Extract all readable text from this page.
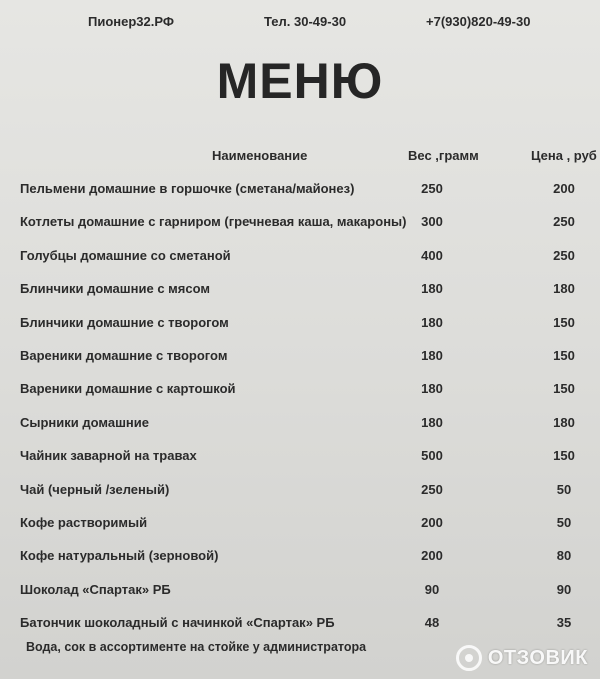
Пионер32.РФ	Тел. 30-49-30	+7(930)820-49-30
МЕНЮ
Наименование	Вес ,грамм	Цена , руб
Пельмени домашние в горшочке (сметана/майонез)	250	200
Котлеты домашние с гарниром (гречневая каша, макароны)	300	250
Голубцы домашние со сметаной	400	250
Блинчики домашние с мясом	180	180
Блинчики домашние с творогом	180	150
Вареники домашние с творогом	180	150
Вареники домашние с картошкой	180	150
Сырники домашние	180	180
Чайник заварной на травах	500	150
Чай (черный /зеленый)	250	50
Кофе растворимый	200	50
Кофе натуральный (зерновой)	200	80
Шоколад «Спартак» РБ	90	90
Батончик шоколадный с начинкой «Спартак» РБ	48	35
Вода, сок в ассортименте на стойке у администратора	ОТЗОВИК
